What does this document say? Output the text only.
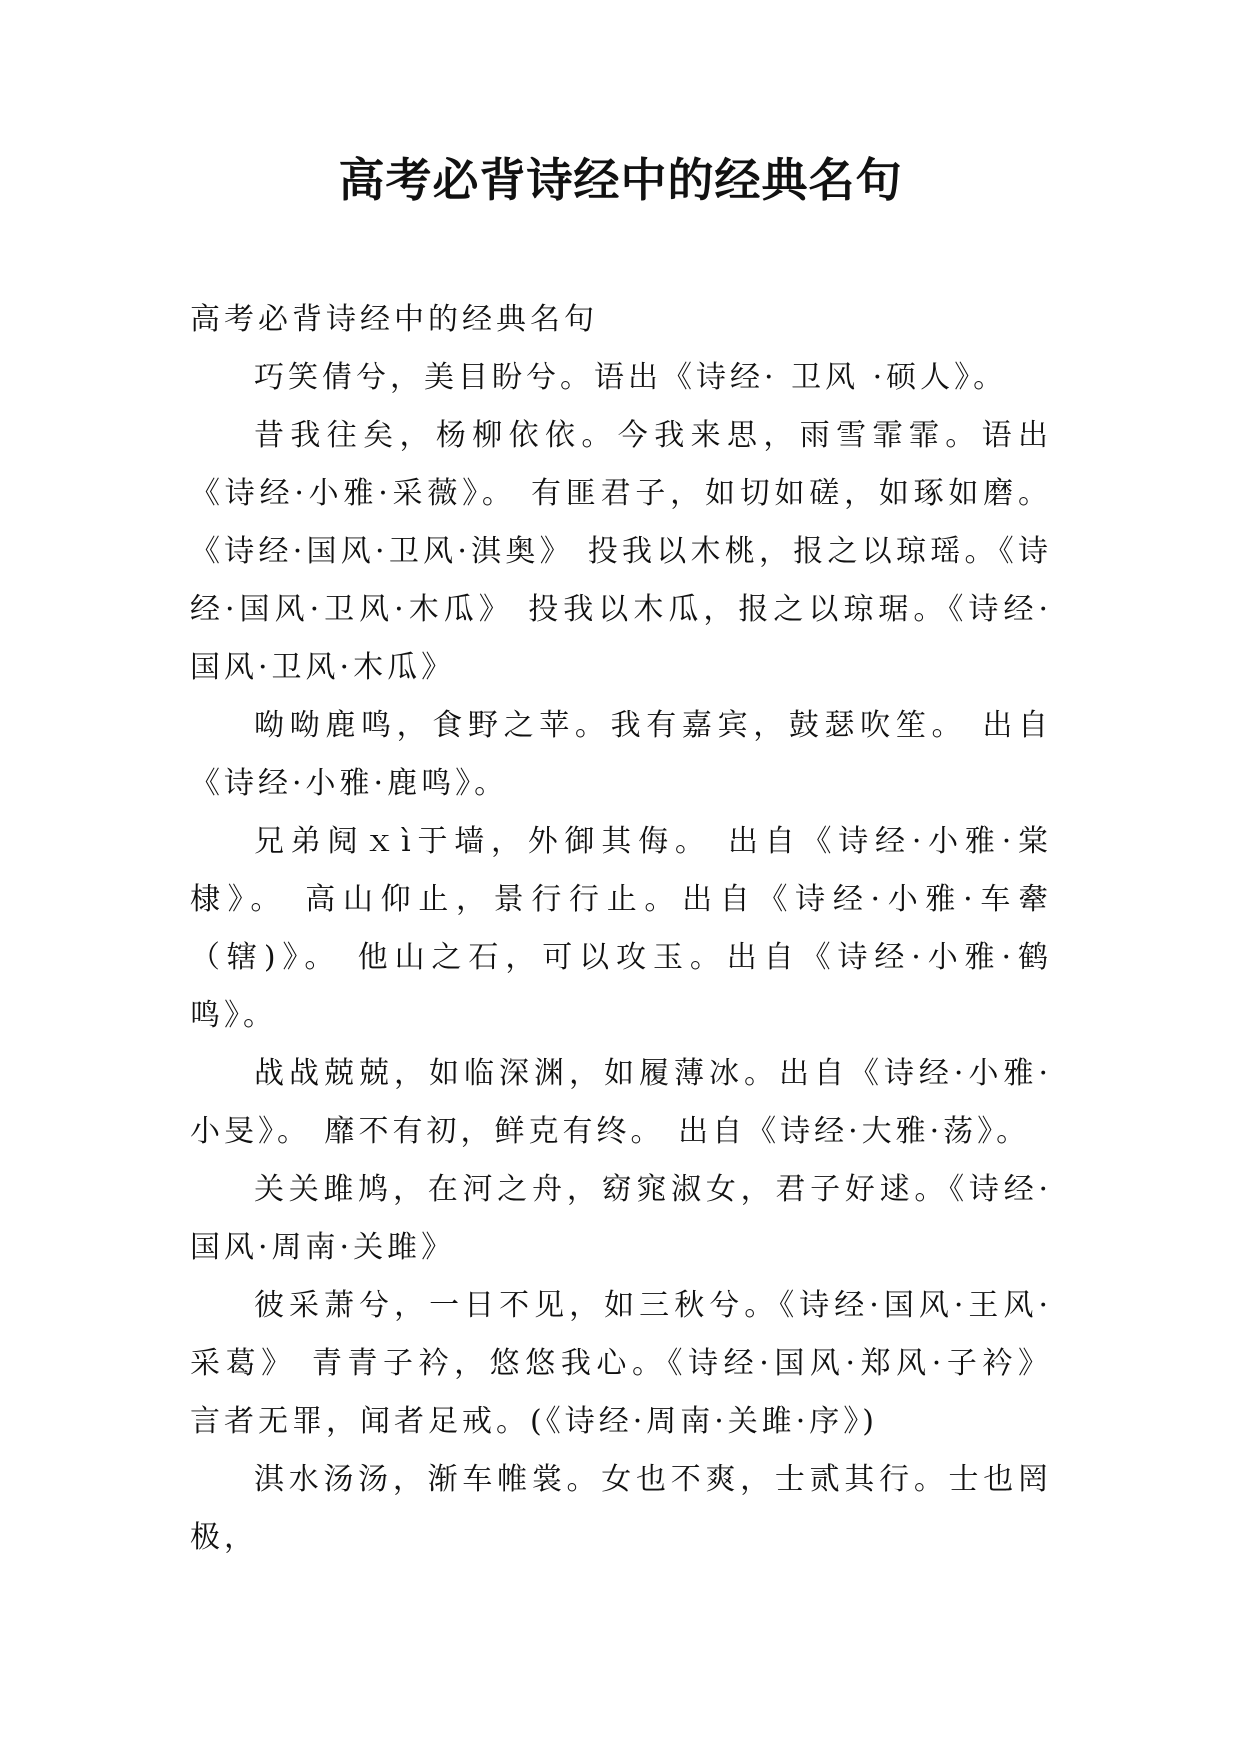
高考必背诗经中的经典名句

高考必背诗经中的经典名句

巧笑倩兮，美目盼兮。语出《诗经· 卫风 ·硕人》。

昔我往矣，杨柳依依。今我来思，雨雪霏霏。语出《诗经·小雅·采薇》。 有匪君子，如切如磋，如琢如磨。《诗经·国风·卫风·淇奥》 投我以木桃，报之以琼瑶。《诗经·国风·卫风·木瓜》 投我以木瓜，报之以琼琚。《诗经·国风·卫风·木瓜》

呦呦鹿鸣，食野之苹。我有嘉宾，鼓瑟吹笙。 出自《诗经·小雅·鹿鸣》。

兄弟阋ｘì于墙，外御其侮。 出自《诗经·小雅·棠棣》。 高山仰止，景行行止。出自《诗经·小雅·车舝（辖)》。 他山之石，可以攻玉。出自《诗经·小雅·鹤鸣》。

战战兢兢，如临深渊，如履薄冰。出自《诗经·小雅·小旻》。 靡不有初，鲜克有终。 出自《诗经·大雅·荡》。

关关雎鸠，在河之舟，窈窕淑女，君子好逑。《诗经·国风·周南·关雎》

彼采萧兮，一日不见，如三秋兮。《诗经·国风·王风·采葛》 青青子衿，悠悠我心。《诗经·国风·郑风·子衿》 言者无罪，闻者足戒。(《诗经·周南·关雎·序》)

淇水汤汤，渐车帷裳。女也不爽，士贰其行。士也罔极，
